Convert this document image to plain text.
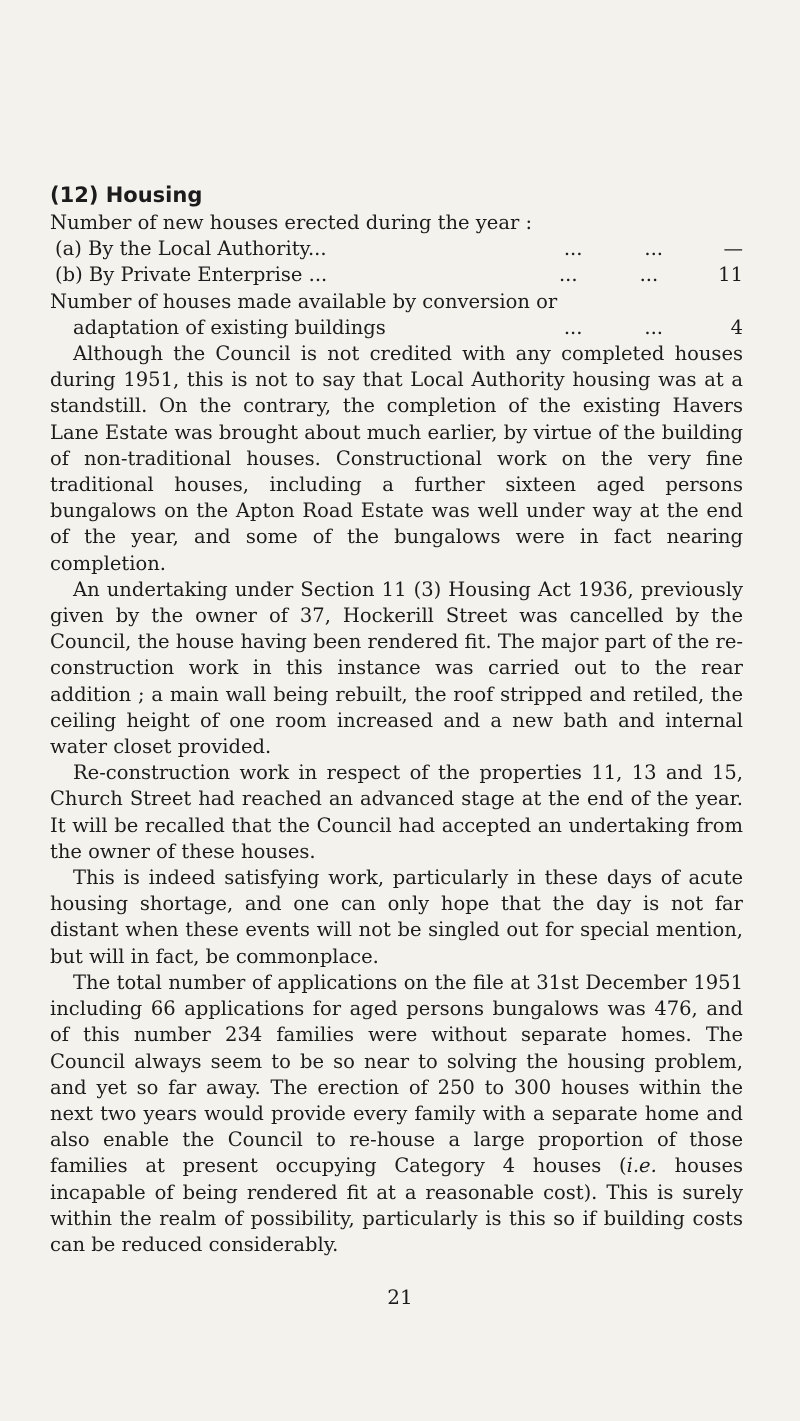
(12) Housing
Number of new houses erected during the year :
(a) By the Local Authority...	...          ...	—
(b) By Private Enterprise ...	...          ...	11
Number of houses made available by conversion or
adaptation of existing buildings	...          ...	4

Although the Council is not credited with any completed houses during 1951, this is not to say that Local Authority housing was at a standstill. On the contrary, the completion of the existing Havers Lane Estate was brought about much earlier, by virtue of the building of non-traditional houses. Constructional work on the very fine traditional houses, including a further sixteen aged persons bungalows on the Apton Road Estate was well under way at the end of the year, and some of the bungalows were in fact nearing completion.

An undertaking under Section 11 (3) Housing Act 1936, previously given by the owner of 37, Hockerill Street was cancelled by the Council, the house having been rendered fit. The major part of the re-construction work in this instance was carried out to the rear addition ; a main wall being rebuilt, the roof stripped and retiled, the ceiling height of one room increased and a new bath and internal water closet provided.

Re-construction work in respect of the properties 11, 13 and 15, Church Street had reached an advanced stage at the end of the year. It will be recalled that the Council had accepted an undertaking from the owner of these houses.

This is indeed satisfying work, particularly in these days of acute housing shortage, and one can only hope that the day is not far distant when these events will not be singled out for special mention, but will in fact, be commonplace.

The total number of applications on the file at 31st December 1951 including 66 applications for aged persons bungalows was 476, and of this number 234 families were without separate homes. The Council always seem to be so near to solving the housing problem, and yet so far away. The erection of 250 to 300 houses within the next two years would provide every family with a separate home and also enable the Council to re-house a large proportion of those families at present occupying Category 4 houses (i.e. houses incapable of being rendered fit at a reasonable cost). This is surely within the realm of possibility, particularly is this so if building costs can be reduced considerably.

21
